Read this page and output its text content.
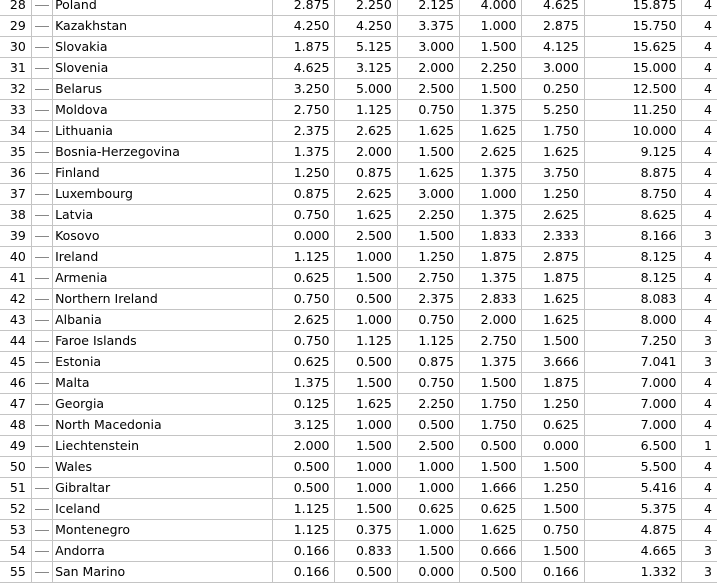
28		Poland	2.875	2.250	2.125	4.000	4.625	15.875	4
29		Kazakhstan	4.250	4.250	3.375	1.000	2.875	15.750	4
30		Slovakia	1.875	5.125	3.000	1.500	4.125	15.625	4
31		Slovenia	4.625	3.125	2.000	2.250	3.000	15.000	4
32		Belarus	3.250	5.000	2.500	1.500	0.250	12.500	4
33		Moldova	2.750	1.125	0.750	1.375	5.250	11.250	4
34		Lithuania	2.375	2.625	1.625	1.625	1.750	10.000	4
35		Bosnia-Herzegovina	1.375	2.000	1.500	2.625	1.625	9.125	4
36		Finland	1.250	0.875	1.625	1.375	3.750	8.875	4
37		Luxembourg	0.875	2.625	3.000	1.000	1.250	8.750	4
38		Latvia	0.750	1.625	2.250	1.375	2.625	8.625	4
39		Kosovo	0.000	2.500	1.500	1.833	2.333	8.166	3
40		Ireland	1.125	1.000	1.250	1.875	2.875	8.125	4
41		Armenia	0.625	1.500	2.750	1.375	1.875	8.125	4
42		Northern Ireland	0.750	0.500	2.375	2.833	1.625	8.083	4
43		Albania	2.625	1.000	0.750	2.000	1.625	8.000	4
44		Faroe Islands	0.750	1.125	1.125	2.750	1.500	7.250	3
45		Estonia	0.625	0.500	0.875	1.375	3.666	7.041	3
46		Malta	1.375	1.500	0.750	1.500	1.875	7.000	4
47		Georgia	0.125	1.625	2.250	1.750	1.250	7.000	4
48		North Macedonia	3.125	1.000	0.500	1.750	0.625	7.000	4
49		Liechtenstein	2.000	1.500	2.500	0.500	0.000	6.500	1
50		Wales	0.500	1.000	1.000	1.500	1.500	5.500	4
51		Gibraltar	0.500	1.000	1.000	1.666	1.250	5.416	4
52		Iceland	1.125	1.500	0.625	0.625	1.500	5.375	4
53		Montenegro	1.125	0.375	1.000	1.625	0.750	4.875	4
54		Andorra	0.166	0.833	1.500	0.666	1.500	4.665	3
55		San Marino	0.166	0.500	0.000	0.500	0.166	1.332	3
